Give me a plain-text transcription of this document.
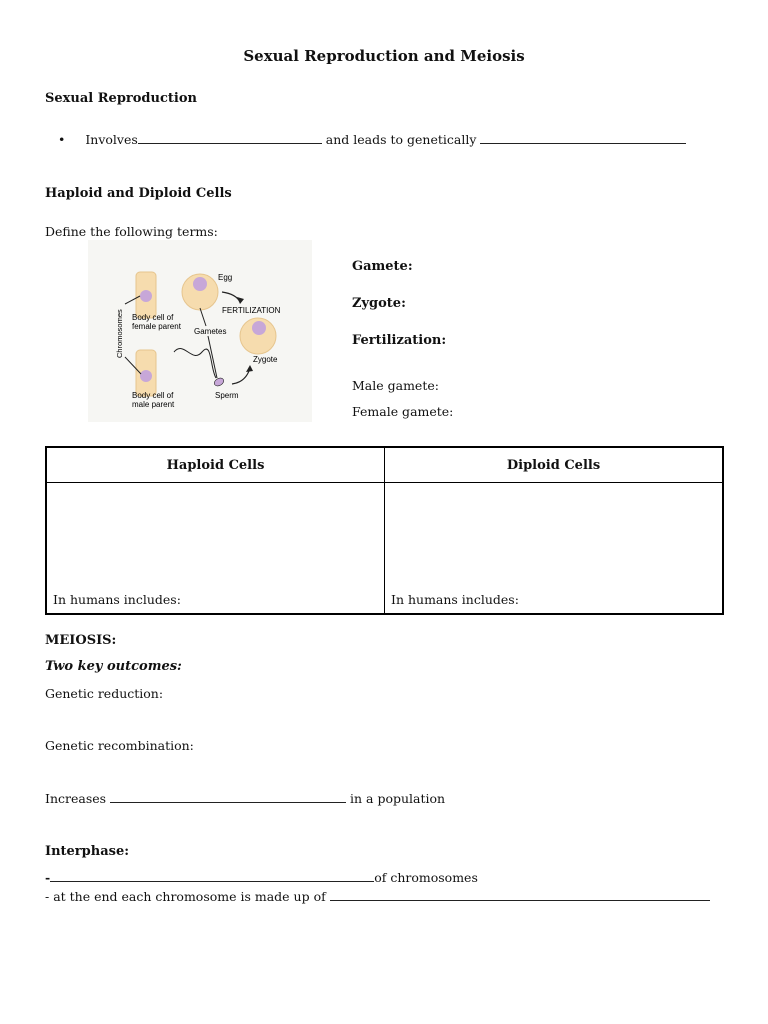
Sexual Reproduction and Meiosis
Sexual Reproduction
• Involves	and leads to genetically
Haploid and Diploid Cells
Define the following terms:
Chromosomes
Egg
FERTILIZATION
Body cell of
female parent
Gametes
Zygote
Body cell of
male parent
Sperm
Gamete:
Zygote:
Fertilization:
Male gamete:
Female gamete:
Haploid Cells	Diploid Cells
In humans includes:	In humans includes:
MEIOSIS:
Two key outcomes:
Genetic reduction:
Genetic recombination:
Increases	in a population
Interphase:
-	of chromosomes
- at the end each chromosome is made up of
